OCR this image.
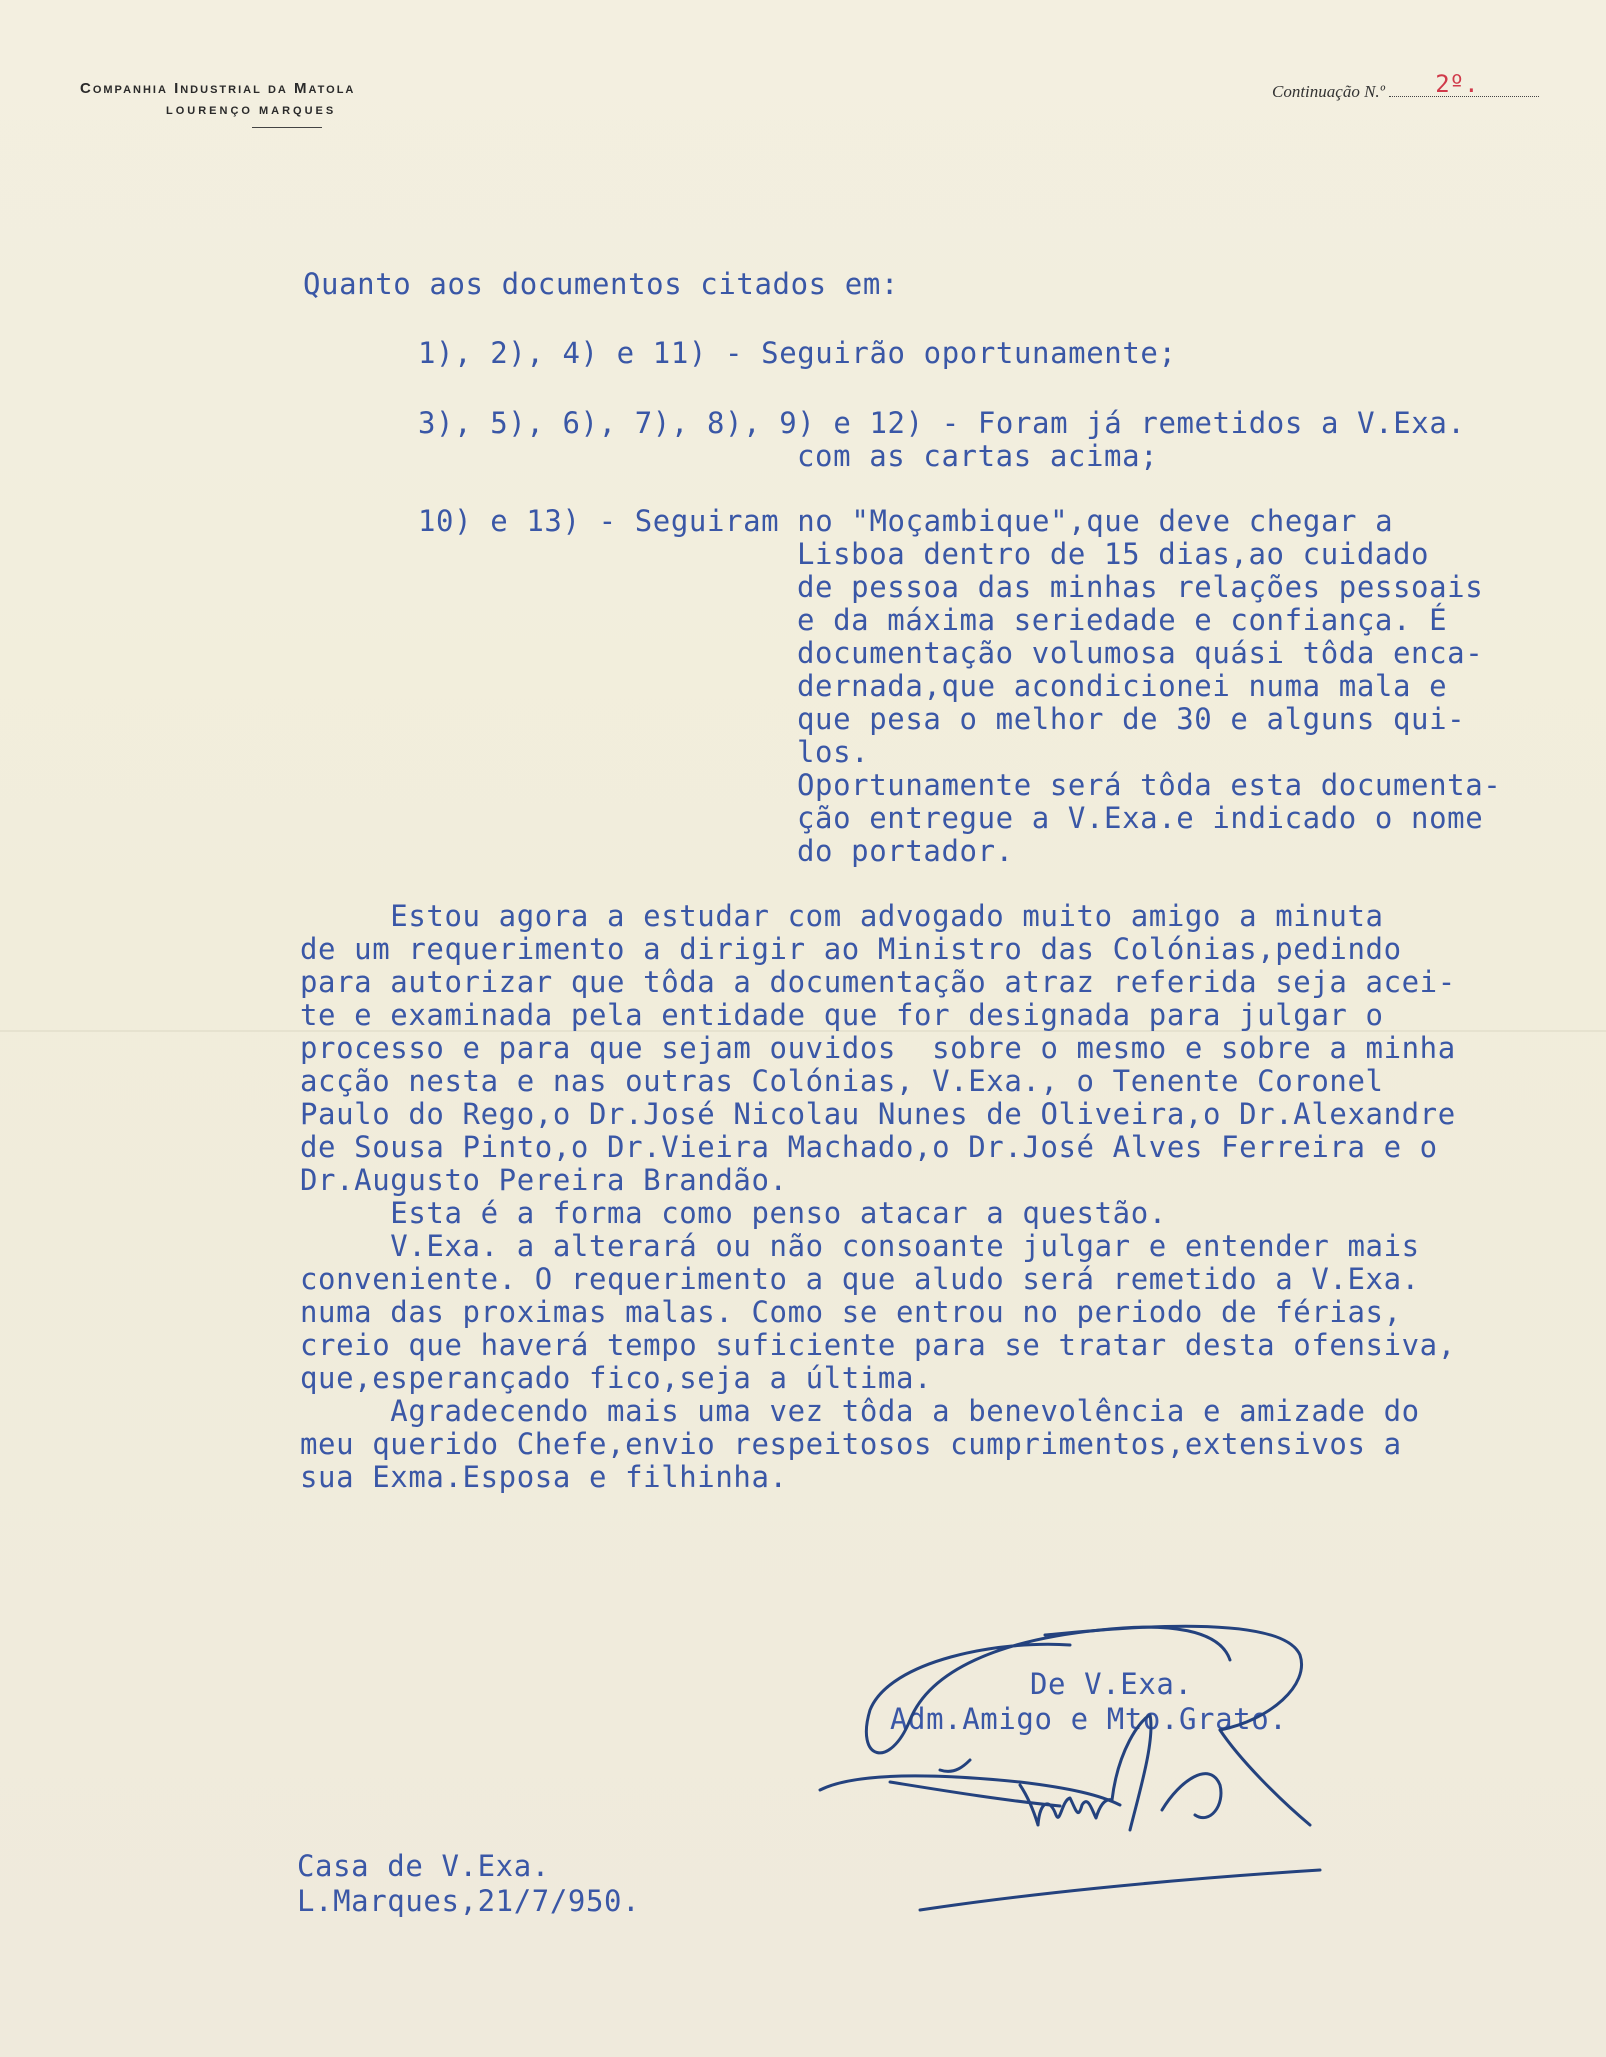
Companhia Industrial da Matola
LOURENÇO MARQUES
Continuação N.º 2º.
Quanto aos documentos citados em:
1), 2), 4) e 11) - Seguirão oportunamente;
3), 5), 6), 7), 8), 9) e 12) - Foram já remetidos a V.Exa.
com as cartas acima;
10) e 13) - Seguiram no "Moçambique",que deve chegar a
Lisboa dentro de 15 dias,ao cuidado
de pessoa das minhas relações pessoais
e da máxima seriedade e confiança. É
documentação volumosa quási tôda enca-
dernada,que acondicionei numa mala e
que pesa o melhor de 30 e alguns qui-
los.
Oportunamente será tôda esta documenta-
ção entregue a V.Exa.e indicado o nome
do portador.
Estou agora a estudar com advogado muito amigo a minuta
de um requerimento a dirigir ao Ministro das Colónias,pedindo
para autorizar que tôda a documentação atraz referida seja acei-
te e examinada pela entidade que for designada para julgar o
processo e para que sejam ouvidos  sobre o mesmo e sobre a minha
acção nesta e nas outras Colónias, V.Exa., o Tenente Coronel
Paulo do Rego,o Dr.José Nicolau Nunes de Oliveira,o Dr.Alexandre
de Sousa Pinto,o Dr.Vieira Machado,o Dr.José Alves Ferreira e o
Dr.Augusto Pereira Brandão.
Esta é a forma como penso atacar a questão.
V.Exa. a alterará ou não consoante julgar e entender mais
conveniente. O requerimento a que aludo será remetido a V.Exa.
numa das proximas malas. Como se entrou no periodo de férias,
creio que haverá tempo suficiente para se tratar desta ofensiva,
que,esperançado fico,seja a última.
Agradecendo mais uma vez tôda a benevolência e amizade do
meu querido Chefe,envio respeitosos cumprimentos,extensivos a
sua Exma.Esposa e filhinha.
De V.Exa.
Adm.Amigo e Mto.Grato.
Casa de V.Exa.
L.Marques,21/7/950.
